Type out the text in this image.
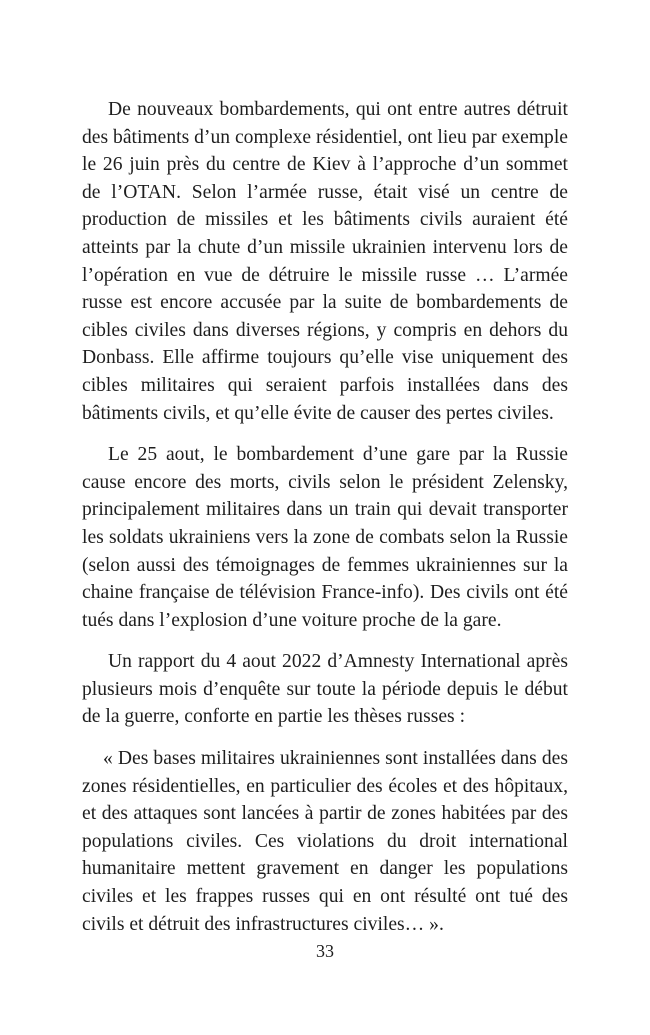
De nouveaux bombardements, qui ont entre autres détruit des bâtiments d’un complexe résidentiel, ont lieu par exemple le 26 juin près du centre de Kiev à l’approche d’un sommet de l’OTAN. Selon l’armée russe, était visé un centre de production de missiles et les bâtiments civils auraient été atteints par la chute d’un missile ukrainien intervenu lors de l’opération en vue de détruire le missile russe … L’armée russe est encore accusée par la suite de bombardements de cibles civiles dans diverses régions, y compris en dehors du Donbass. Elle affirme toujours qu’elle vise uniquement des cibles militaires qui seraient parfois installées dans des bâtiments civils, et qu’elle évite de causer des pertes civiles.

Le 25 aout, le bombardement d’une gare par la Russie cause encore des morts, civils selon le président Zelensky, principalement militaires dans un train qui devait transporter les soldats ukrainiens vers la zone de combats selon la Russie (selon aussi des témoignages de femmes ukrainiennes sur la chaine française de télévision France-info). Des civils ont été tués dans l’explosion d’une voiture proche de la gare.

Un rapport du 4 aout 2022 d’Amnesty International après plusieurs mois d’enquête sur toute la période depuis le début de la guerre, conforte en partie les thèses russes :

« Des bases militaires ukrainiennes sont installées dans des zones résidentielles, en particulier des écoles et des hôpitaux, et des attaques sont lancées à partir de zones habitées par des populations civiles. Ces violations du droit international humanitaire mettent gravement en danger les populations civiles et les frappes russes qui en ont résulté ont tué des civils et détruit des infrastructures civiles… ».

33
